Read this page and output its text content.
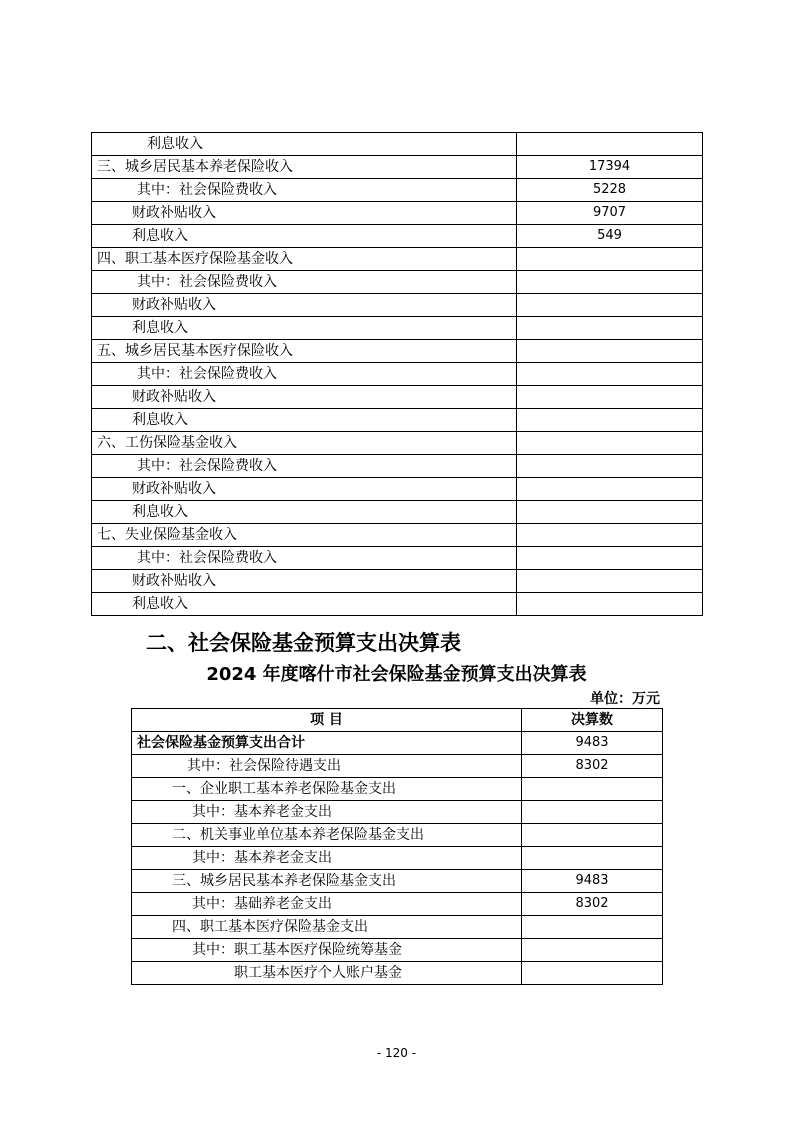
利息收入	
三、城乡居民基本养老保险收入	17394
其中：社会保险费收入	5228
财政补贴收入	9707
利息收入	549
四、职工基本医疗保险基金收入	
其中：社会保险费收入	
财政补贴收入	
利息收入	
五、城乡居民基本医疗保险收入	
其中：社会保险费收入	
财政补贴收入	
利息收入	
六、工伤保险基金收入	
其中：社会保险费收入	
财政补贴收入	
利息收入	
七、失业保险基金收入	
其中：社会保险费收入	
财政补贴收入	
利息收入	
二、社会保险基金预算支出决算表
2024 年度喀什市社会保险基金预算支出决算表
单位：万元
项 目	决算数
社会保险基金预算支出合计	9483
其中：社会保险待遇支出	8302
一、企业职工基本养老保险基金支出	
其中：基本养老金支出	
二、机关事业单位基本养老保险基金支出	
其中：基本养老金支出	
三、城乡居民基本养老保险基金支出	9483
其中：基础养老金支出	8302
四、职工基本医疗保险基金支出	
其中：职工基本医疗保险统筹基金	
职工基本医疗个人账户基金	
- 120 -
